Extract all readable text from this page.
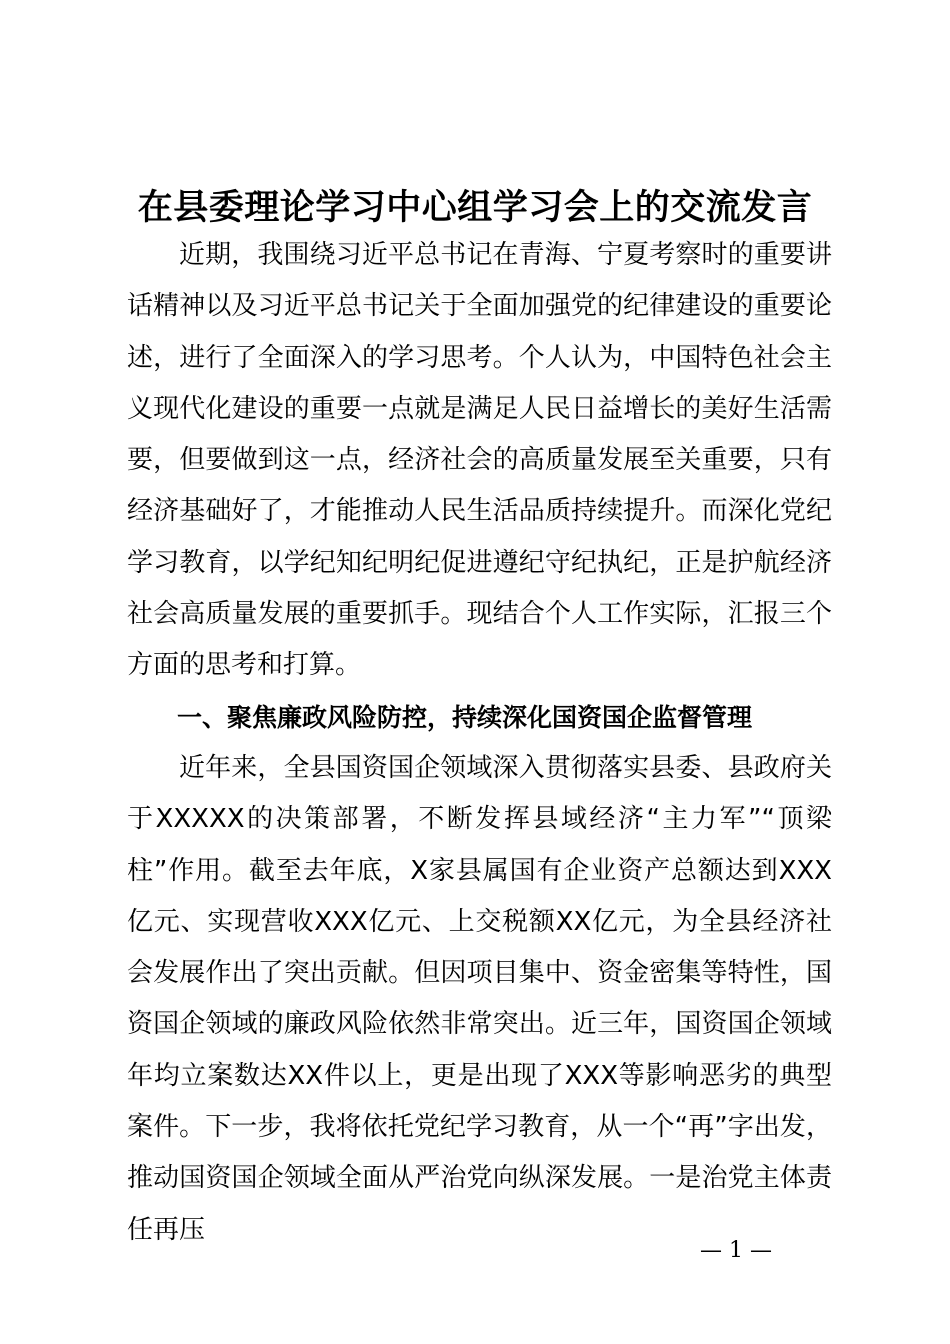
在县委理论学习中心组学习会上的交流发言

近期，我围绕习近平总书记在青海、宁夏考察时的重要讲话精神以及习近平总书记关于全面加强党的纪律建设的重要论述，进行了全面深入的学习思考。个人认为，中国特色社会主义现代化建设的重要一点就是满足人民日益增长的美好生活需要，但要做到这一点，经济社会的高质量发展至关重要，只有经济基础好了，才能推动人民生活品质持续提升。而深化党纪学习教育，以学纪知纪明纪促进遵纪守纪执纪，正是护航经济社会高质量发展的重要抓手。现结合个人工作实际，汇报三个方面的思考和打算。

一、聚焦廉政风险防控，持续深化国资国企监督管理

近年来，全县国资国企领域深入贯彻落实县委、县政府关于XXXXX的决策部署，不断发挥县域经济“主力军”“顶梁柱”作用。截至去年底，X家县属国有企业资产总额达到XXX亿元、实现营收XXX亿元、上交税额XX亿元，为全县经济社会发展作出了突出贡献。但因项目集中、资金密集等特性，国资国企领域的廉政风险依然非常突出。近三年，国资国企领域年均立案数达XX件以上，更是出现了XXX等影响恶劣的典型案件。下一步，我将依托党纪学习教育，从一个“再”字出发，推动国资国企领域全面从严治党向纵深发展。一是治党主体责任再压

— 1 —
